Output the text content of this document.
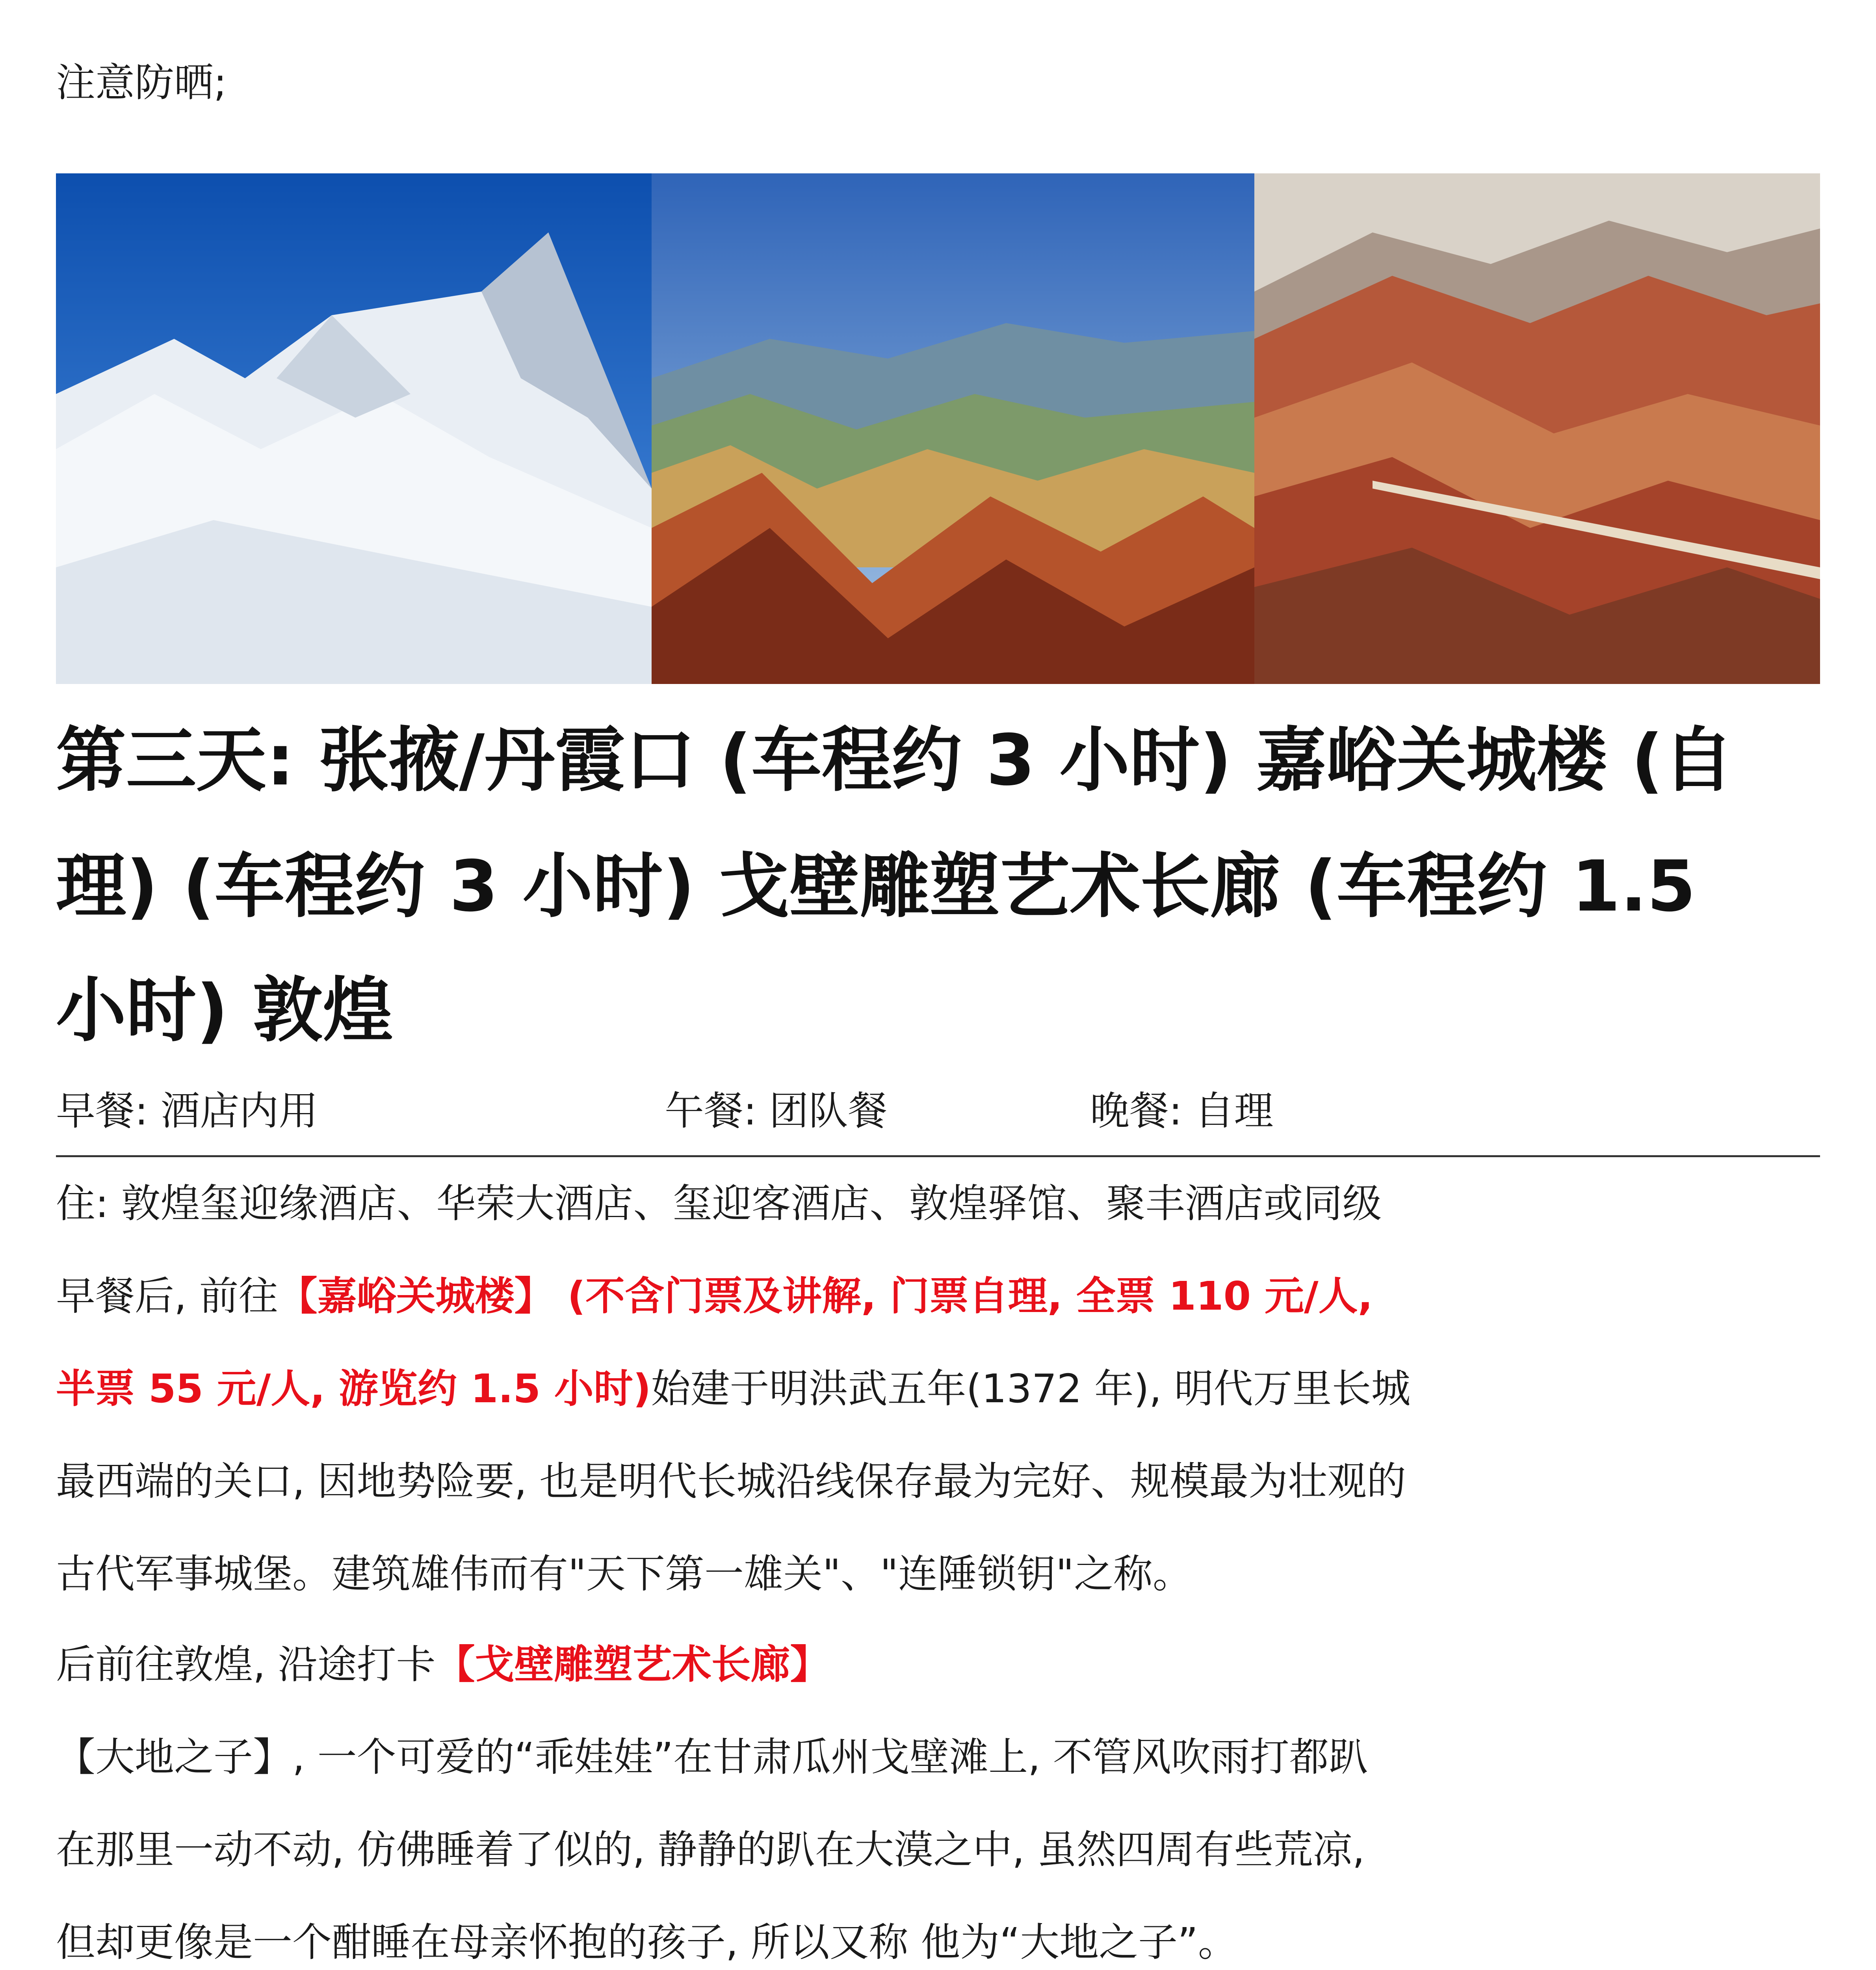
注意防晒;
第三天: 张掖/丹霞口 (车程约 3 小时) 嘉峪关城楼 (自
理) (车程约 3 小时) 戈壁雕塑艺术长廊 (车程约 1.5
小时) 敦煌
早餐: 酒店内用	午餐: 团队餐	晚餐: 自理
住: 敦煌玺迎缘酒店、华荣大酒店、玺迎客酒店、敦煌驿馆、聚丰酒店或同级
早餐后, 前往【嘉峪关城楼】 (不含门票及讲解, 门票自理, 全票 110 元/人,
半票 55 元/人, 游览约 1.5 小时)始建于明洪武五年(1372 年), 明代万里长城
最西端的关口, 因地势险要, 也是明代长城沿线保存最为完好、规模最为壮观的
古代军事城堡。建筑雄伟而有"天下第一雄关"、"连陲锁钥"之称。
后前往敦煌, 沿途打卡【戈壁雕塑艺术长廊】
【大地之子】, 一个可爱的“乖娃娃”在甘肃瓜州戈壁滩上, 不管风吹雨打都趴
在那里一动不动, 仿佛睡着了似的, 静静的趴在大漠之中, 虽然四周有些荒凉,
但却更像是一个酣睡在母亲怀抱的孩子, 所以又称 他为“大地之子”。
